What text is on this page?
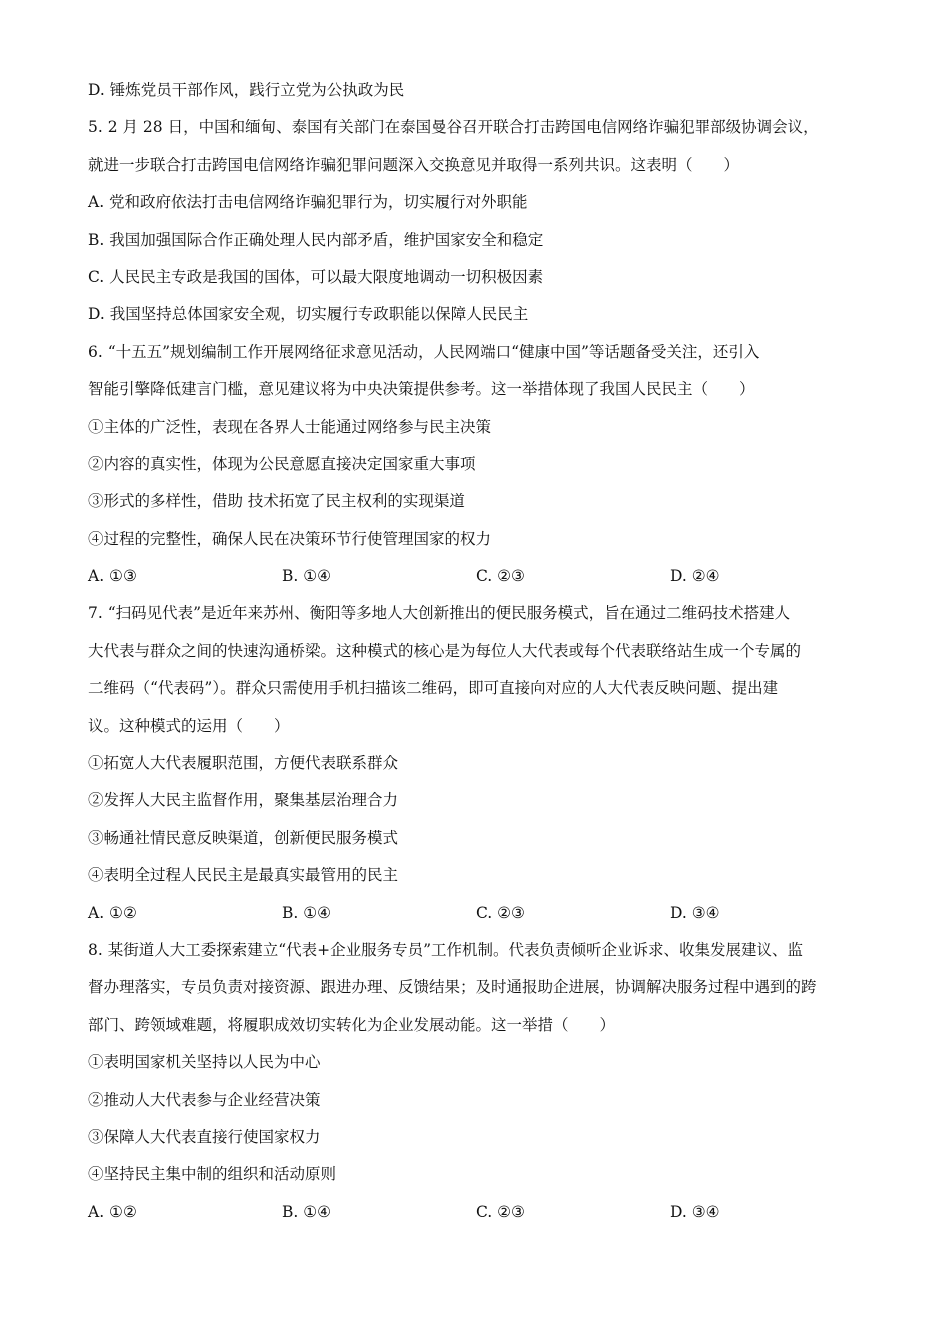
D. 锤炼党员干部作风，践行立党为公执政为民
5. 2 月 28 日，中国和缅甸、泰国有关部门在泰国曼谷召开联合打击跨国电信网络诈骗犯罪部级协调会议，
就进一步联合打击跨国电信网络诈骗犯罪问题深入交换意见并取得一系列共识。这表明（　　）
A. 党和政府依法打击电信网络诈骗犯罪行为，切实履行对外职能
B. 我国加强国际合作正确处理人民内部矛盾，维护国家安全和稳定
C. 人民民主专政是我国的国体，可以最大限度地调动一切积极因素
D. 我国坚持总体国家安全观，切实履行专政职能以保障人民民主
6. “十五五”规划编制工作开展网络征求意见活动，人民网端口“健康中国”等话题备受关注，还引入
智能引擎降低建言门槛，意见建议将为中央决策提供参考。这一举措体现了我国人民民主（　　）
①主体的广泛性，表现在各界人士能通过网络参与民主决策
②内容的真实性，体现为公民意愿直接决定国家重大事项
③形式的多样性，借助 技术拓宽了民主权利的实现渠道
④过程的完整性，确保人民在决策环节行使管理国家的权力
A. ①③	B. ①④	C. ②③	D. ②④
7. “扫码见代表”是近年来苏州、衡阳等多地人大创新推出的便民服务模式，旨在通过二维码技术搭建人
大代表与群众之间的快速沟通桥梁。这种模式的核心是为每位人大代表或每个代表联络站生成一个专属的
二维码（“代表码”）。群众只需使用手机扫描该二维码，即可直接向对应的人大代表反映问题、提出建
议。这种模式的运用（　　）
①拓宽人大代表履职范围，方便代表联系群众
②发挥人大民主监督作用，聚集基层治理合力
③畅通社情民意反映渠道，创新便民服务模式
④表明全过程人民民主是最真实最管用的民主
A. ①②	B. ①④	C. ②③	D. ③④
8. 某街道人大工委探索建立“代表+企业服务专员”工作机制。代表负责倾听企业诉求、收集发展建议、监
督办理落实，专员负责对接资源、跟进办理、反馈结果；及时通报助企进展，协调解决服务过程中遇到的跨
部门、跨领域难题，将履职成效切实转化为企业发展动能。这一举措（　　）
①表明国家机关坚持以人民为中心
②推动人大代表参与企业经营决策
③保障人大代表直接行使国家权力
④坚持民主集中制的组织和活动原则
A. ①②	B. ①④	C. ②③	D. ③④
